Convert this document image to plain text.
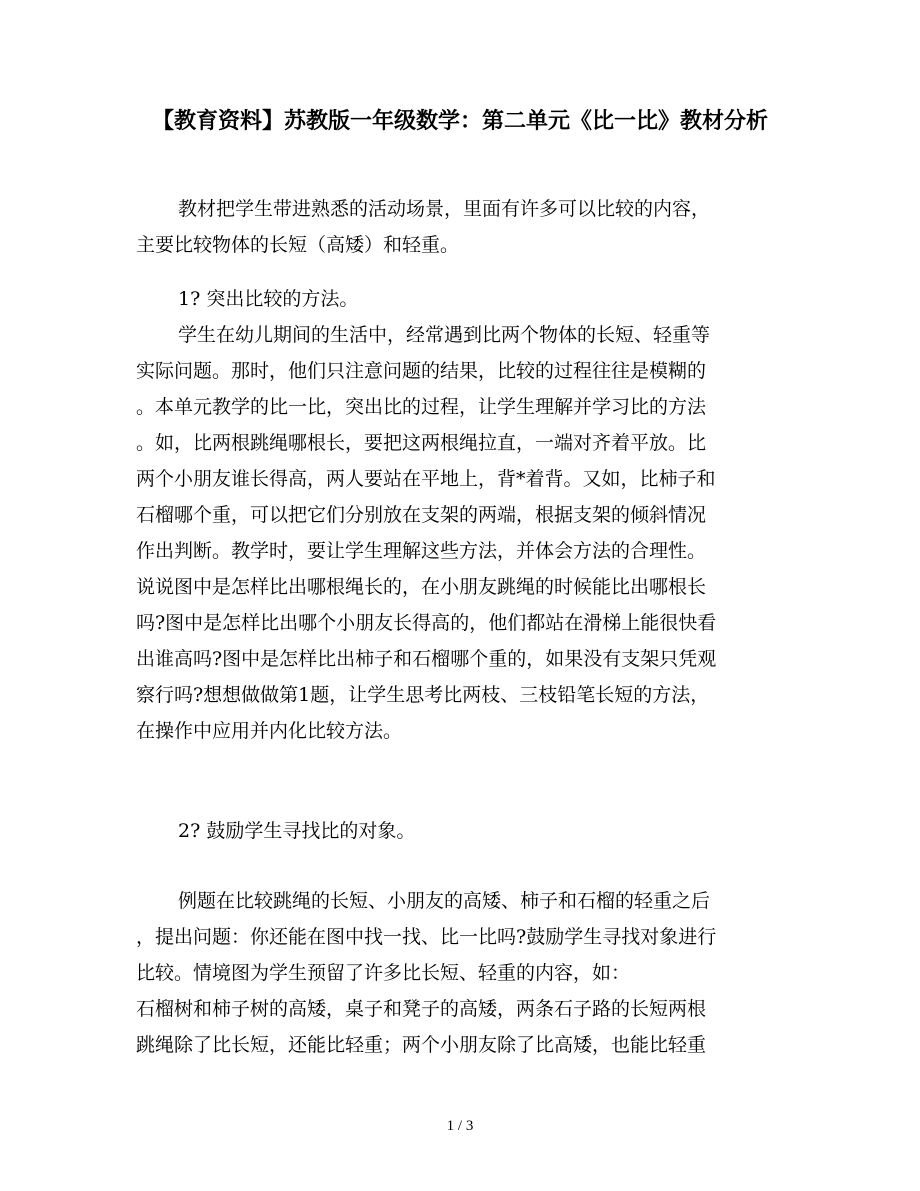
【教育资料】苏教版一年级数学：第二单元《比一比》教材分析
教材把学生带进熟悉的活动场景，里面有许多可以比较的内容，
主要比较物体的长短（高矮）和轻重。
1? 突出比较的方法。
学生在幼儿期间的生活中，经常遇到比两个物体的长短、轻重等
实际问题。那时，他们只注意问题的结果，比较的过程往往是模糊的
。本单元教学的比一比，突出比的过程，让学生理解并学习比的方法
。如，比两根跳绳哪根长，要把这两根绳拉直，一端对齐着平放。比
两个小朋友谁长得高，两人要站在平地上，背*着背。又如，比柿子和
石榴哪个重，可以把它们分别放在支架的两端，根据支架的倾斜情况
作出判断。教学时，要让学生理解这些方法，并体会方法的合理性。
说说图中是怎样比出哪根绳长的，在小朋友跳绳的时候能比出哪根长
吗?图中是怎样比出哪个小朋友长得高的，他们都站在滑梯上能很快看
出谁高吗?图中是怎样比出柿子和石榴哪个重的，如果没有支架只凭观
察行吗?想想做做第1题，让学生思考比两枝、三枝铅笔长短的方法，
在操作中应用并内化比较方法。
2? 鼓励学生寻找比的对象。
例题在比较跳绳的长短、小朋友的高矮、柿子和石榴的轻重之后
，提出问题：你还能在图中找一找、比一比吗?鼓励学生寻找对象进行
比较。情境图为学生预留了许多比长短、轻重的内容，如：
石榴树和柿子树的高矮，桌子和凳子的高矮，两条石子路的长短两根
跳绳除了比长短，还能比轻重；两个小朋友除了比高矮，也能比轻重
1 / 3
